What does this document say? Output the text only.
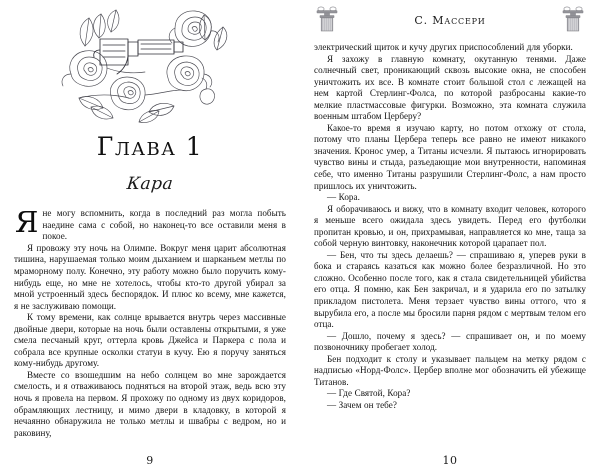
Глава 1
Кара

Яне могу вспомнить, когда в последний раз могла побыть наедине сама с собой, но наконец-то все оставили меня в покое.

Я провожу эту ночь на Олимпе. Вокруг меня царит абсолютная тишина, нарушаемая только моим дыханием и шарканьем метлы по мраморному полу. Конечно, эту работу можно было поручить кому-нибудь еще, но мне не хотелось, чтобы кто-то другой убирал за мной устроенный здесь беспорядок. И плюс ко всему, мне кажется, я не заслуживаю помощи.

К тому времени, как солнце врывается внутрь через массивные двойные двери, которые на ночь были оставлены открытыми, я уже смела песчаный круг, оттерла кровь Джейса и Паркера с пола и собрала все крупные осколки статуи в кучу. Ею я поручу заняться кому-нибудь другому.

Вместе со взошедшим на небо солнцем во мне зарождается смелость, и я отваживаюсь подняться на второй этаж, ведь всю эту ночь я провела на первом. Я прохожу по одному из двух коридоров, обрамляющих лестницу, и мимо двери в кладовку, в которой я нечаянно обнаружила не только метлы и швабры с ведром, но и раковину,

9
С. Массери

электрический щиток и кучу других приспособлений для уборки.

Я захожу в главную комнату, окутанную тенями. Даже солнечный свет, проникающий сквозь высокие окна, не способен уничтожить их все. В комнате стоит большой стол с лежащей на нем картой Стерлинг-Фолса, по которой разбросаны какие-то мелкие пластмассовые фигурки. Возможно, эта комната служила военным штабом Церберу?

Какое-то время я изучаю карту, но потом отхожу от стола, потому что планы Цербера теперь все равно не имеют никакого значения. Кронос умер, а Титаны исчезли. Я пытаюсь игнорировать чувство вины и стыда, разъедающие мои внутренности, напоминая себе, что именно Титаны разрушили Стерлинг-Фолс, а нам просто пришлось их уничтожить.

— Кора.

Я оборачиваюсь и вижу, что в комнату входит человек, которого я меньше всего ожидала здесь увидеть. Перед его футболки пропитан кровью, и он, прихрамывая, направляется ко мне, таща за собой черную винтовку, наконечник которой царапает пол.

— Бен, что ты здесь делаешь? — спрашиваю я, уперев руки в бока и стараясь казаться как можно более безразличной. Но это сложно. Особенно после того, как я стала свидетельницей убийства его отца. Я помню, как Бен закричал, и я ударила его по затылку прикладом пистолета. Меня терзает чувство вины оттого, что я вырубила его, а после мы бросили парня рядом с мертвым телом его отца.

— Дошло, почему я здесь? — спрашивает он, и по моему позвоночнику пробегает холод.

Бен подходит к столу и указывает пальцем на метку рядом с надписью «Норд-Фолс». Цербер вполне мог обозначить ей убежище Титанов.

— Где Святой, Кора?

— Зачем он тебе?

10
